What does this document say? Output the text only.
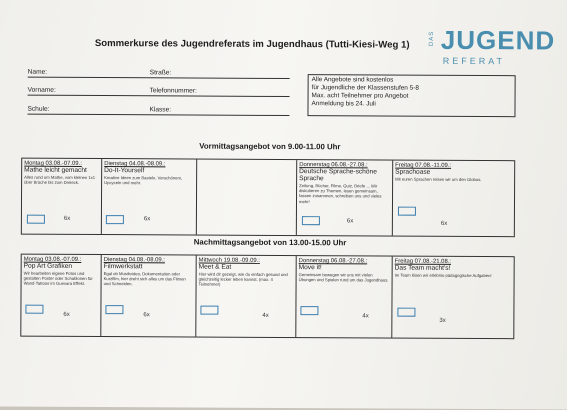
Sommerkurse des Jugendreferats im Jugendhaus (Tutti-Kiesi-Weg 1)	DAS JUGEND
REFERAT
Name:	Straße:
Vorname:	Telefonnummer:
Schule:	Klasse:
Alle Angebote sind kostenlos
für Jugendliche der Klassenstufen 5-8
Max. acht Teilnehmer pro Angebot
Anmeldung bis 24. Juli
Vormittagsangebot von 9.00-11.00 Uhr
Montag 03.08.-07.09.:
Mathe leicht gemacht
Alles rund um Mathe, vom kleinen 1x1 über Brüche bis zum Dreieck.
6x
Dienstag 04.08.-08.09.:
Do-It-Yourself
Kreative Ideen zum Basteln, Verschönern, Upcyceln und mehr.
6x
Donnerstag 06.08.-27.08.:
Deutsche Sprache-schöne Sprache
Zeitung, Bücher, Filme, Quiz, Briefe ... Wir diskutieren zu Themen, lesen gemeinsam, fassen zusammen, schreiben uns und vieles mehr!
6x
Freitag 07.08.-11.09.:
Sprachoase
Mit euren Sprachen reisen wir um den Globus.
6x
Nachmittagsangebot von 13.00-15.00 Uhr
Montag 03.08.-07.09.:
Pop Art Grafiken
Wir bearbeiten eigene Fotos und gestalten Poster oder Schablonen für Wand-Tattoos im Guevara Effekt.
6x
Dienstag 04.08.-08.09.:
Filmwerkstatt
Egal ob Musikvideo, Dokumentation oder Kurzfilm, hier dreht sich alles um das Filmen und Schneiden.
6x
Mittwoch 19.08.-09.09.:
Meet & Eat
Hier wird dir gezeigt, wie du einfach gesund und gleichzeitig lecker leben kannst. (max. 4 Teilnehmer)
4x
Donnerstag 06.08.-27.08.:
Move it!
Gemeinsam bewegen wir uns mit vielen Übungen und Spielen rund um das Jugendhaus.
4x
Freitag 07.08.-21.08.:
Das Team macht's!
Im Team lösen wir erlebnis-pädagogische Aufgaben!
3x
